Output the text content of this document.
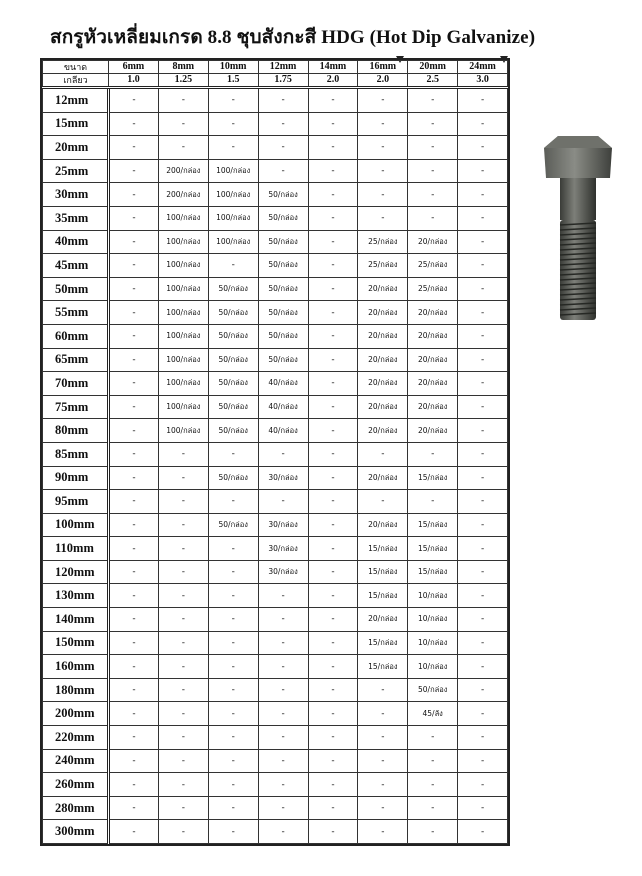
สกรูหัวเหลี่ยมเกรด 8.8 ชุบสังกะสี HDG (Hot Dip Galvanize)
ขนาด	6mm	8mm	10mm	12mm	14mm	16mm	20mm	24mm
เกลียว	1.0	1.25	1.5	1.75	2.0	2.0	2.5	3.0
12mm	-	-	-	-	-	-	-	-
15mm	-	-	-	-	-	-	-	-
20mm	-	-	-	-	-	-	-	-
25mm	-	200/กล่อง	100/กล่อง	-	-	-	-	-
30mm	-	200/กล่อง	100/กล่อง	50/กล่อง	-	-	-	-
35mm	-	100/กล่อง	100/กล่อง	50/กล่อง	-	-	-	-
40mm	-	100/กล่อง	100/กล่อง	50/กล่อง	-	25/กล่อง	20/กล่อง	-
45mm	-	100/กล่อง	-	50/กล่อง	-	25/กล่อง	25/กล่อง	-
50mm	-	100/กล่อง	50/กล่อง	50/กล่อง	-	20/กล่อง	25/กล่อง	-
55mm	-	100/กล่อง	50/กล่อง	50/กล่อง	-	20/กล่อง	20/กล่อง	-
60mm	-	100/กล่อง	50/กล่อง	50/กล่อง	-	20/กล่อง	20/กล่อง	-
65mm	-	100/กล่อง	50/กล่อง	50/กล่อง	-	20/กล่อง	20/กล่อง	-
70mm	-	100/กล่อง	50/กล่อง	40/กล่อง	-	20/กล่อง	20/กล่อง	-
75mm	-	100/กล่อง	50/กล่อง	40/กล่อง	-	20/กล่อง	20/กล่อง	-
80mm	-	100/กล่อง	50/กล่อง	40/กล่อง	-	20/กล่อง	20/กล่อง	-
85mm	-	-	-	-	-	-	-	-
90mm	-	-	50/กล่อง	30/กล่อง	-	20/กล่อง	15/กล่อง	-
95mm	-	-	-	-	-	-	-	-
100mm	-	-	50/กล่อง	30/กล่อง	-	20/กล่อง	15/กล่อง	-
110mm	-	-	-	30/กล่อง	-	15/กล่อง	15/กล่อง	-
120mm	-	-	-	30/กล่อง	-	15/กล่อง	15/กล่อง	-
130mm	-	-	-	-	-	15/กล่อง	10/กล่อง	-
140mm	-	-	-	-	-	20/กล่อง	10/กล่อง	-
150mm	-	-	-	-	-	15/กล่อง	10/กล่อง	-
160mm	-	-	-	-	-	15/กล่อง	10/กล่อง	-
180mm	-	-	-	-	-	-	50/กล่อง	-
200mm	-	-	-	-	-	-	45/ลัง	-
220mm	-	-	-	-	-	-	-	-
240mm	-	-	-	-	-	-	-	-
260mm	-	-	-	-	-	-	-	-
280mm	-	-	-	-	-	-	-	-
300mm	-	-	-	-	-	-	-	-
